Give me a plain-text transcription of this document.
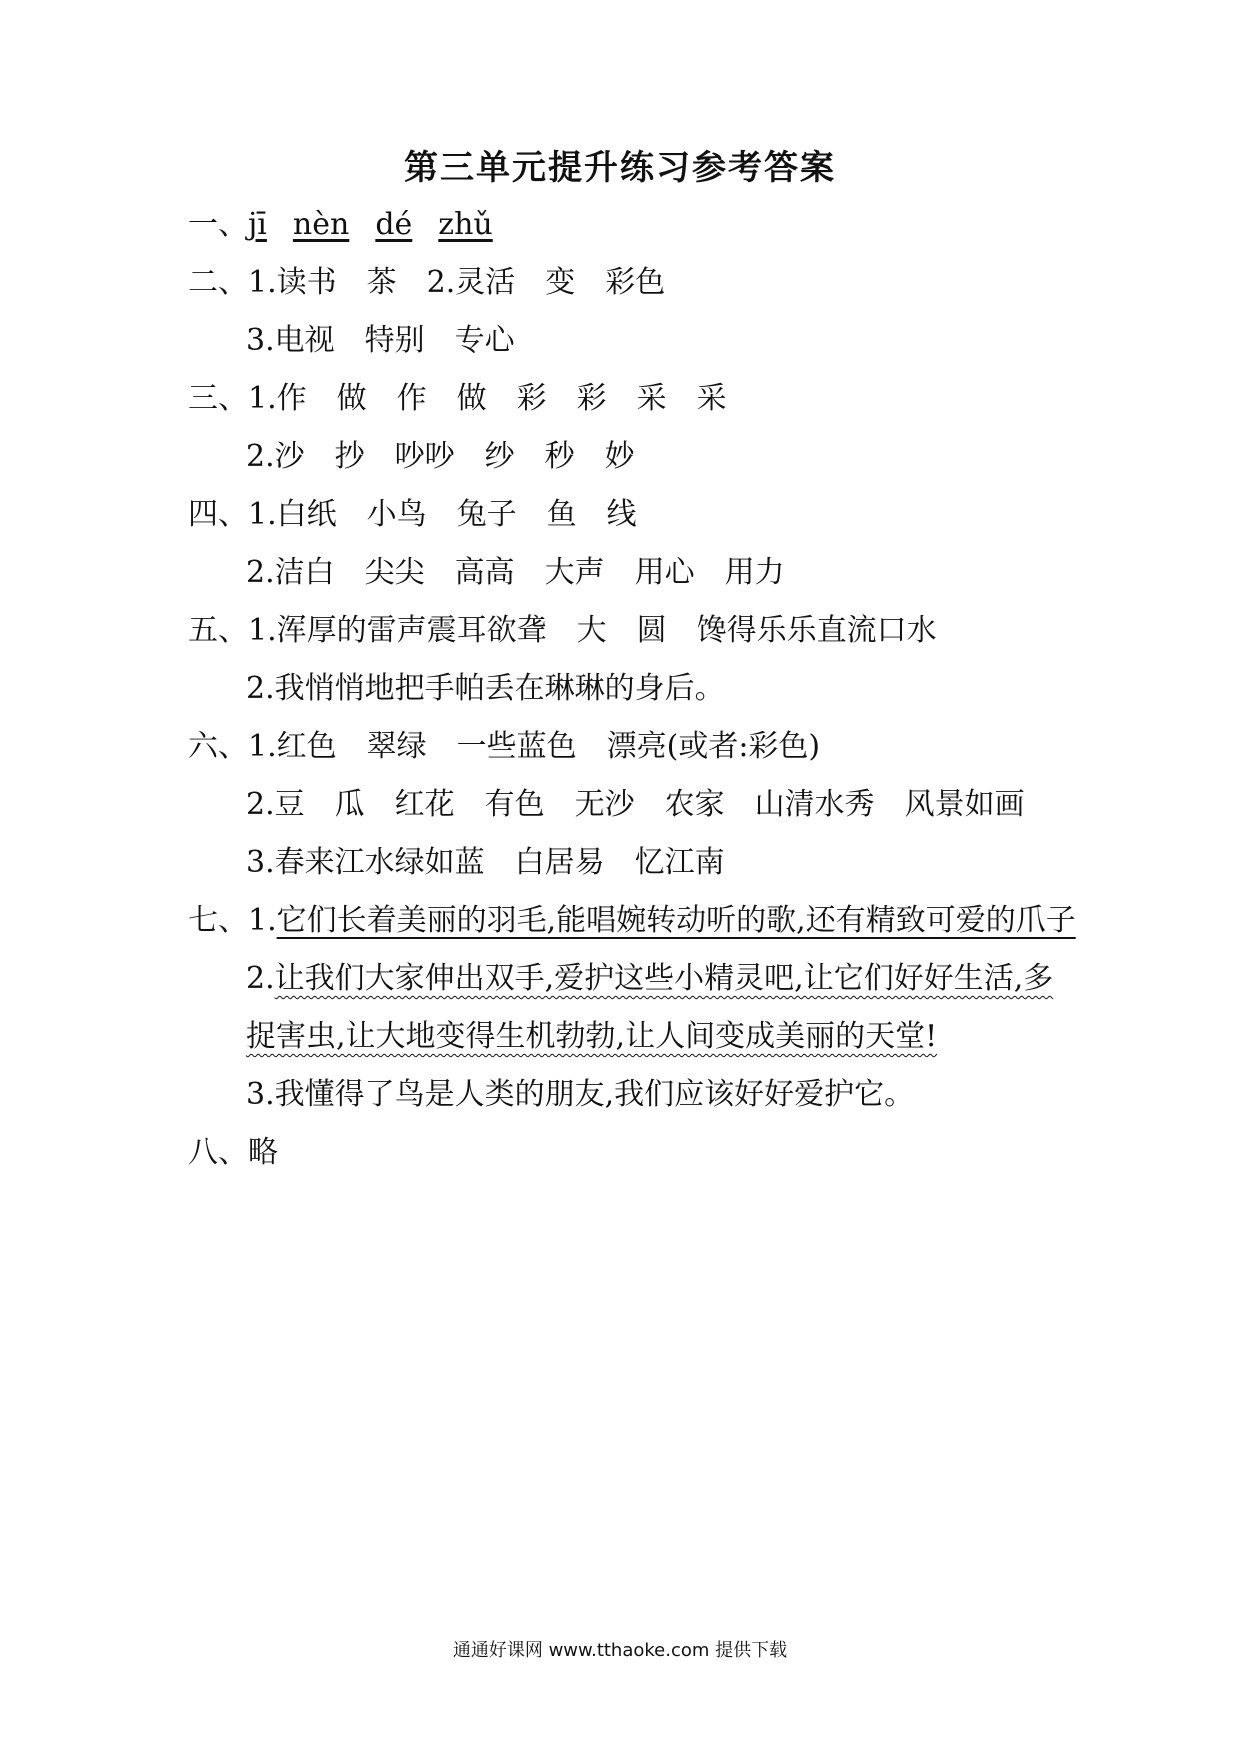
第三单元提升练习参考答案
一、jī nèn dé zhǔ
二、1.读书　茶　2.灵活　变　彩色
3.电视　特别　专心
三、1.作　做　作　做　彩　彩　采　采
2.沙　抄　吵吵　纱　秒　妙
四、1.白纸　小鸟　兔子　鱼　线
2.洁白　尖尖　高高　大声　用心　用力
五、1.浑厚的雷声震耳欲聋　大　圆　馋得乐乐直流口水
2.我悄悄地把手帕丢在琳琳的身后。
六、1.红色　翠绿　一些蓝色　漂亮(或者:彩色)
2.豆　瓜　红花　有色　无沙　农家　山清水秀　风景如画
3.春来江水绿如蓝　白居易　忆江南
七、1.它们长着美丽的羽毛,能唱婉转动听的歌,还有精致可爱的爪子
2.让我们大家伸出双手,爱护这些小精灵吧,让它们好好生活,多
捉害虫,让大地变得生机勃勃,让人间变成美丽的天堂!
3.我懂得了鸟是人类的朋友,我们应该好好爱护它。
八、略
通通好课网 www.tthaoke.com 提供下载
